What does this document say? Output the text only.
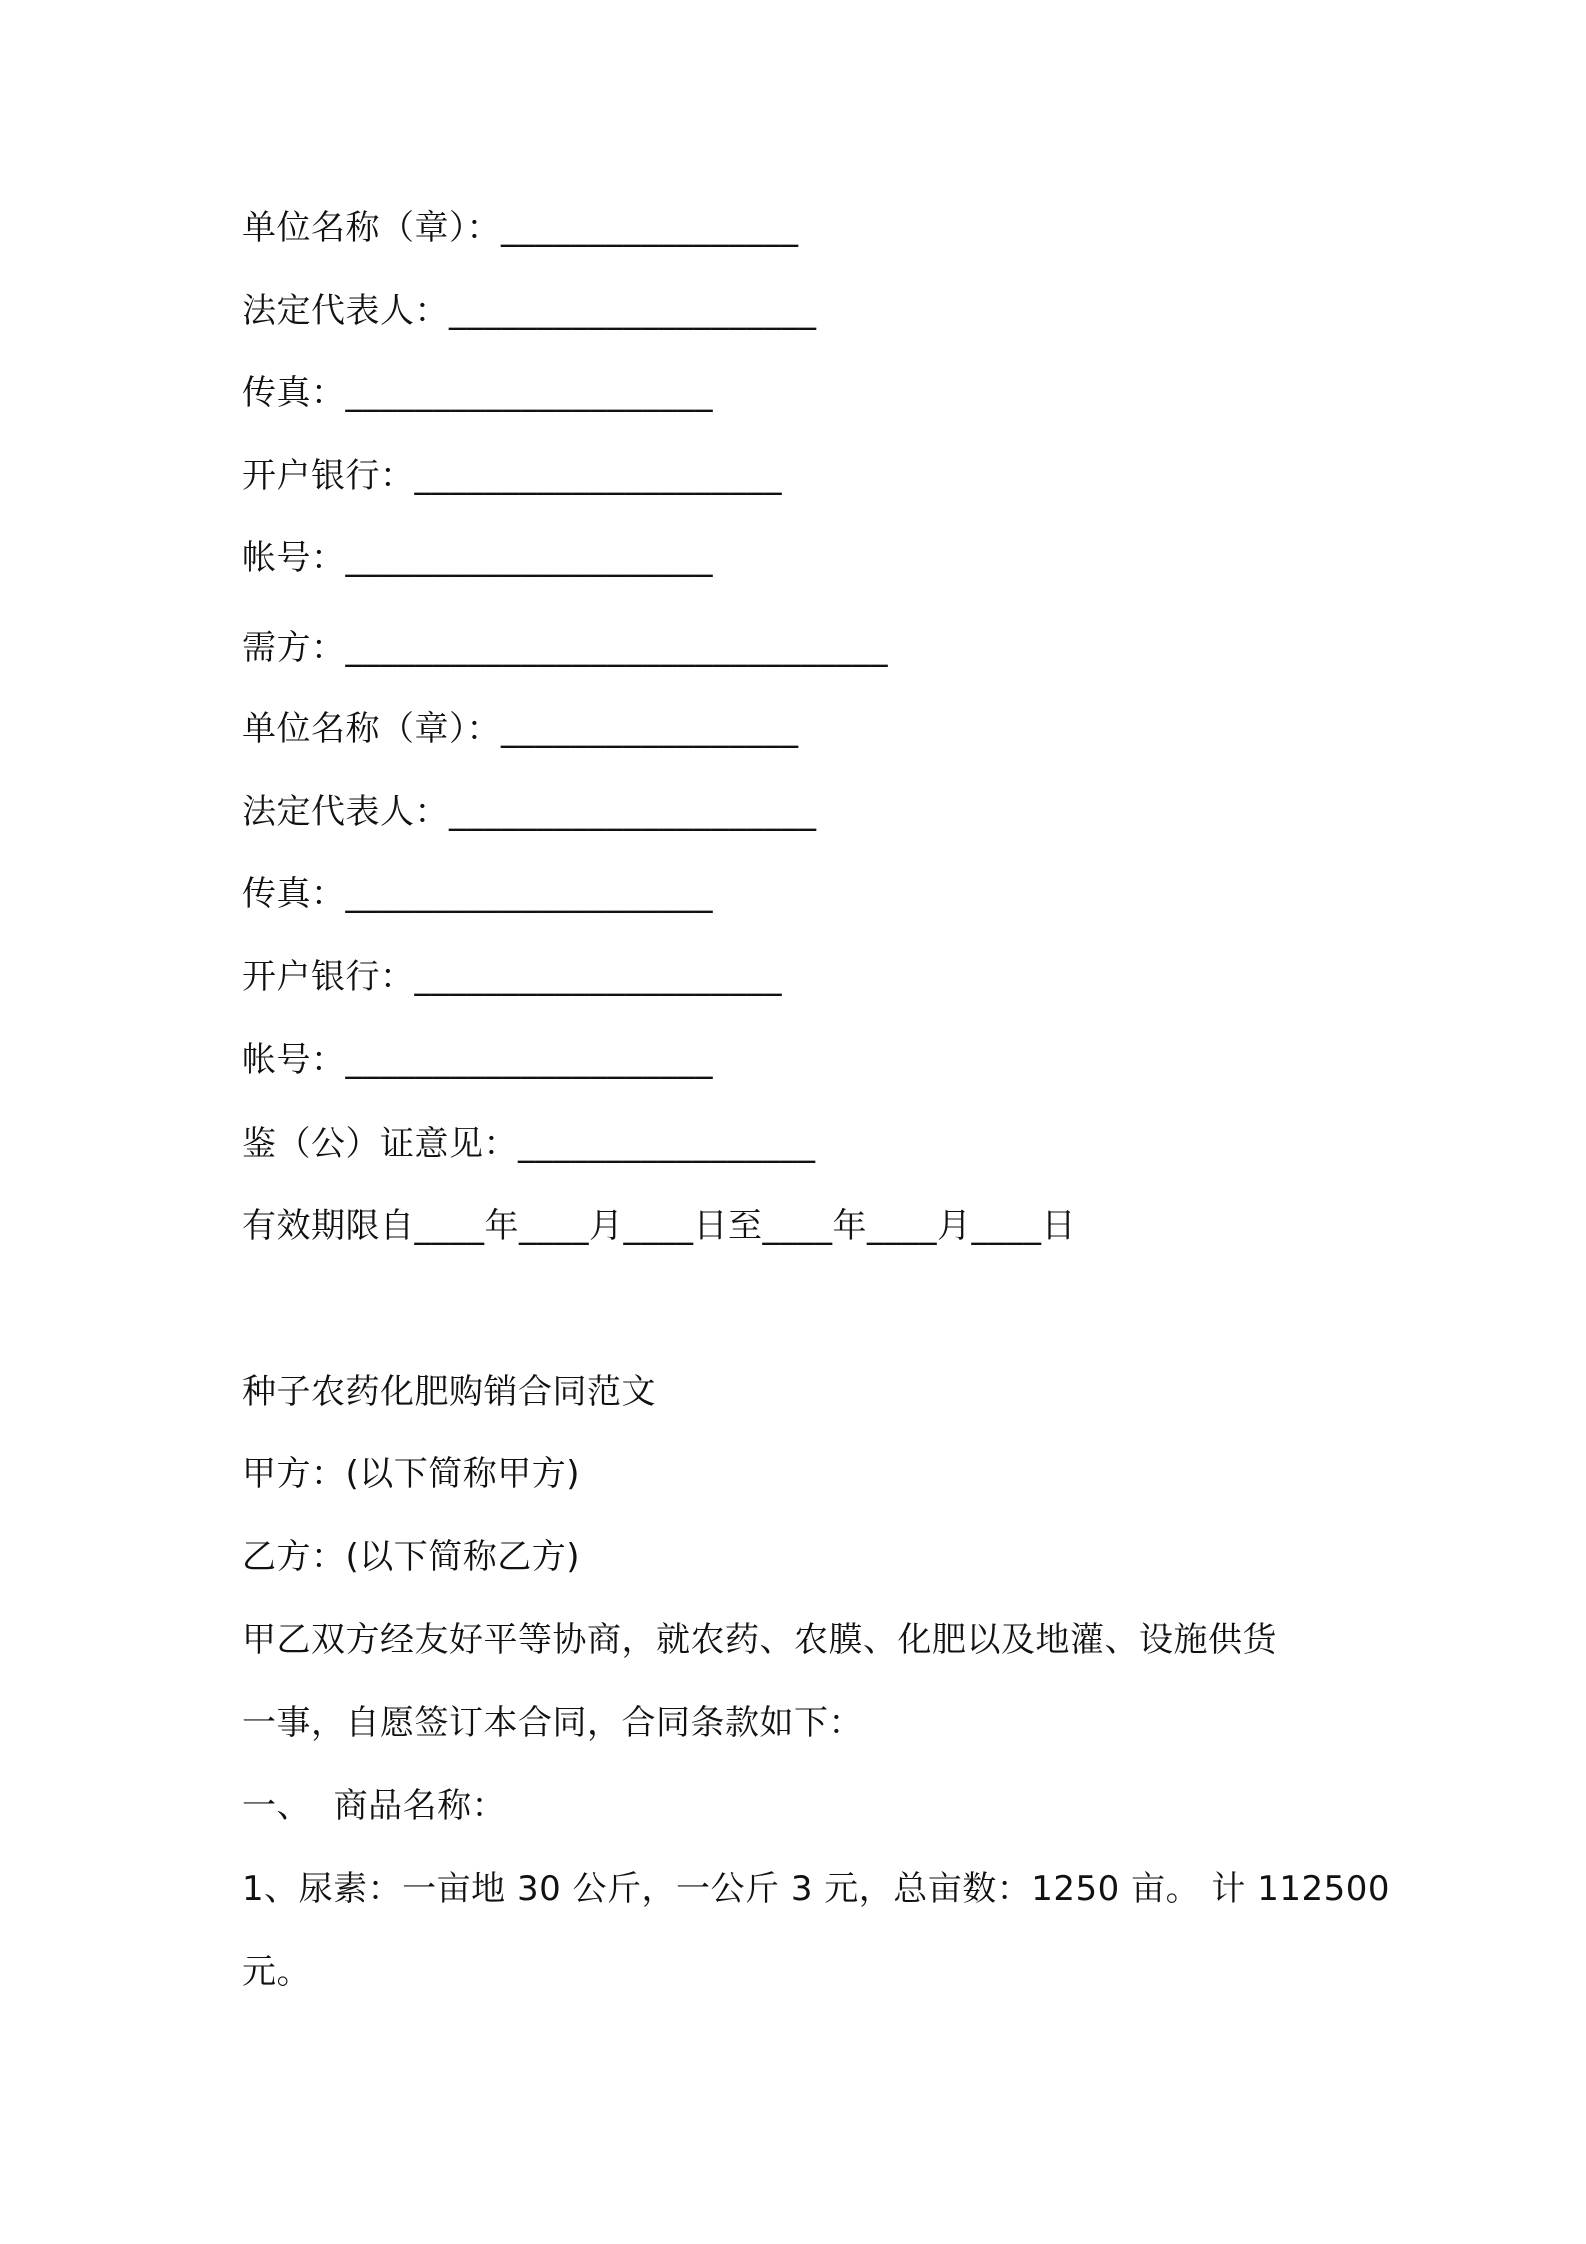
单位名称（章）：_________________
法定代表人：_____________________
传真：_____________________
开户银行：_____________________
帐号：_____________________
需方：_______________________________
单位名称（章）：_________________
法定代表人：_____________________
传真：_____________________
开户银行：_____________________
帐号：_____________________
鉴（公）证意见：_________________
有效期限自____年____月____日至____年____月____日
种子农药化肥购销合同范文
甲方：(以下简称甲方)
乙方：(以下简称乙方)
甲乙双方经友好平等协商，就农药、农膜、化肥以及地灌、设施供货
一事，自愿签订本合同，合同条款如下：
一、  商品名称：
1、尿素：一亩地 30 公斤，一公斤 3 元，总亩数：1250 亩。 计 112500
元。
